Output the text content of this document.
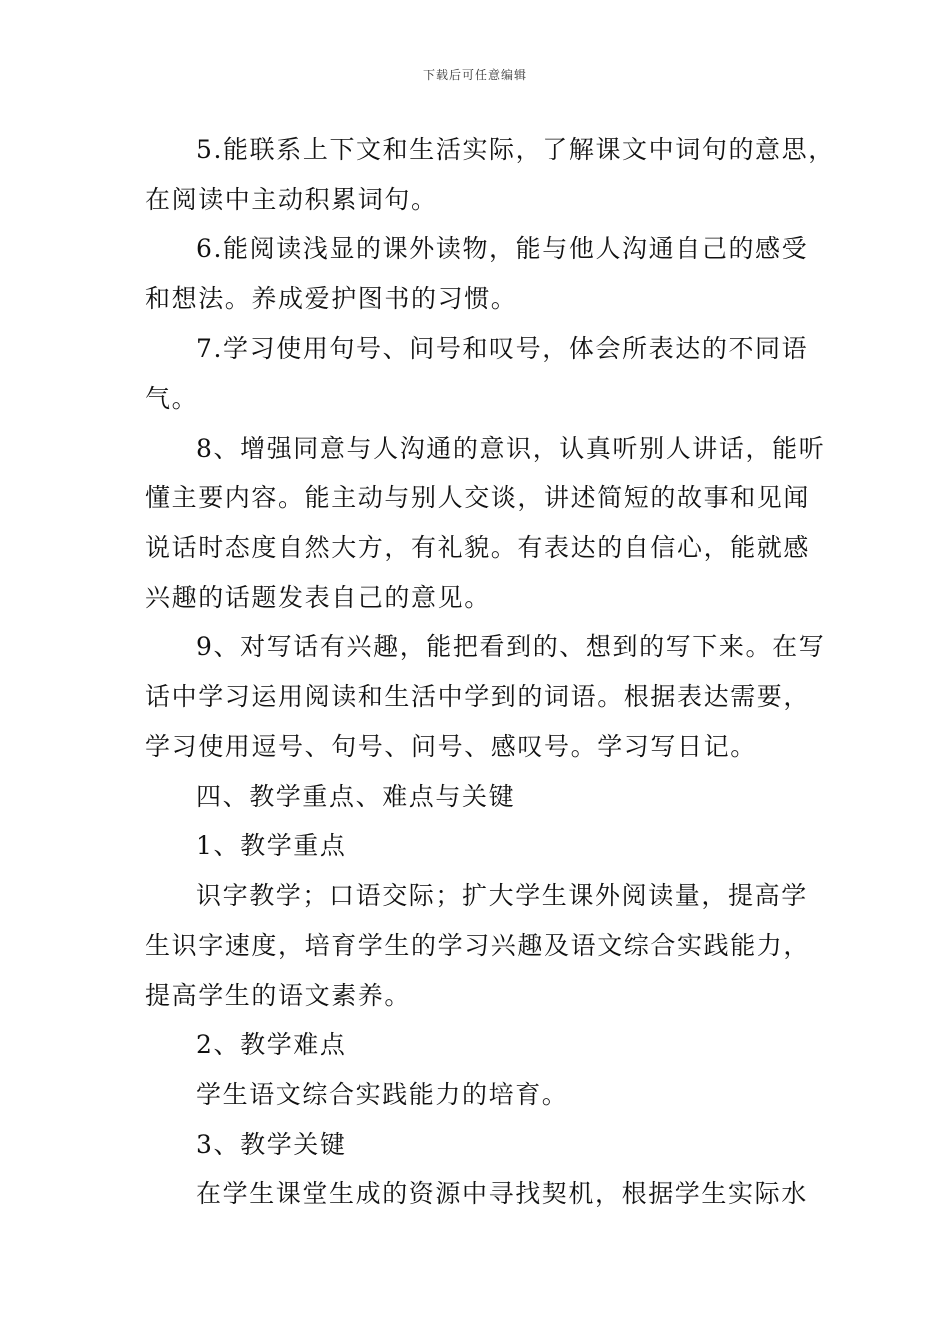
下载后可任意编辑
5.能联系上下文和生活实际，了解课文中词句的意思，
在阅读中主动积累词句。
6.能阅读浅显的课外读物，能与他人沟通自己的感受
和想法。养成爱护图书的习惯。
7.学习使用句号、问号和叹号，体会所表达的不同语
气。
8、增强同意与人沟通的意识，认真听别人讲话，能听
懂主要内容。能主动与别人交谈，讲述简短的故事和见闻
说话时态度自然大方，有礼貌。有表达的自信心，能就感
兴趣的话题发表自己的意见。
9、对写话有兴趣，能把看到的、想到的写下来。在写
话中学习运用阅读和生活中学到的词语。根据表达需要，
学习使用逗号、句号、问号、感叹号。学习写日记。
四、教学重点、难点与关键
1、教学重点
识字教学；口语交际；扩大学生课外阅读量，提高学
生识字速度，培育学生的学习兴趣及语文综合实践能力，
提高学生的语文素养。
2、教学难点
学生语文综合实践能力的培育。
3、教学关键
在学生课堂生成的资源中寻找契机，根据学生实际水
